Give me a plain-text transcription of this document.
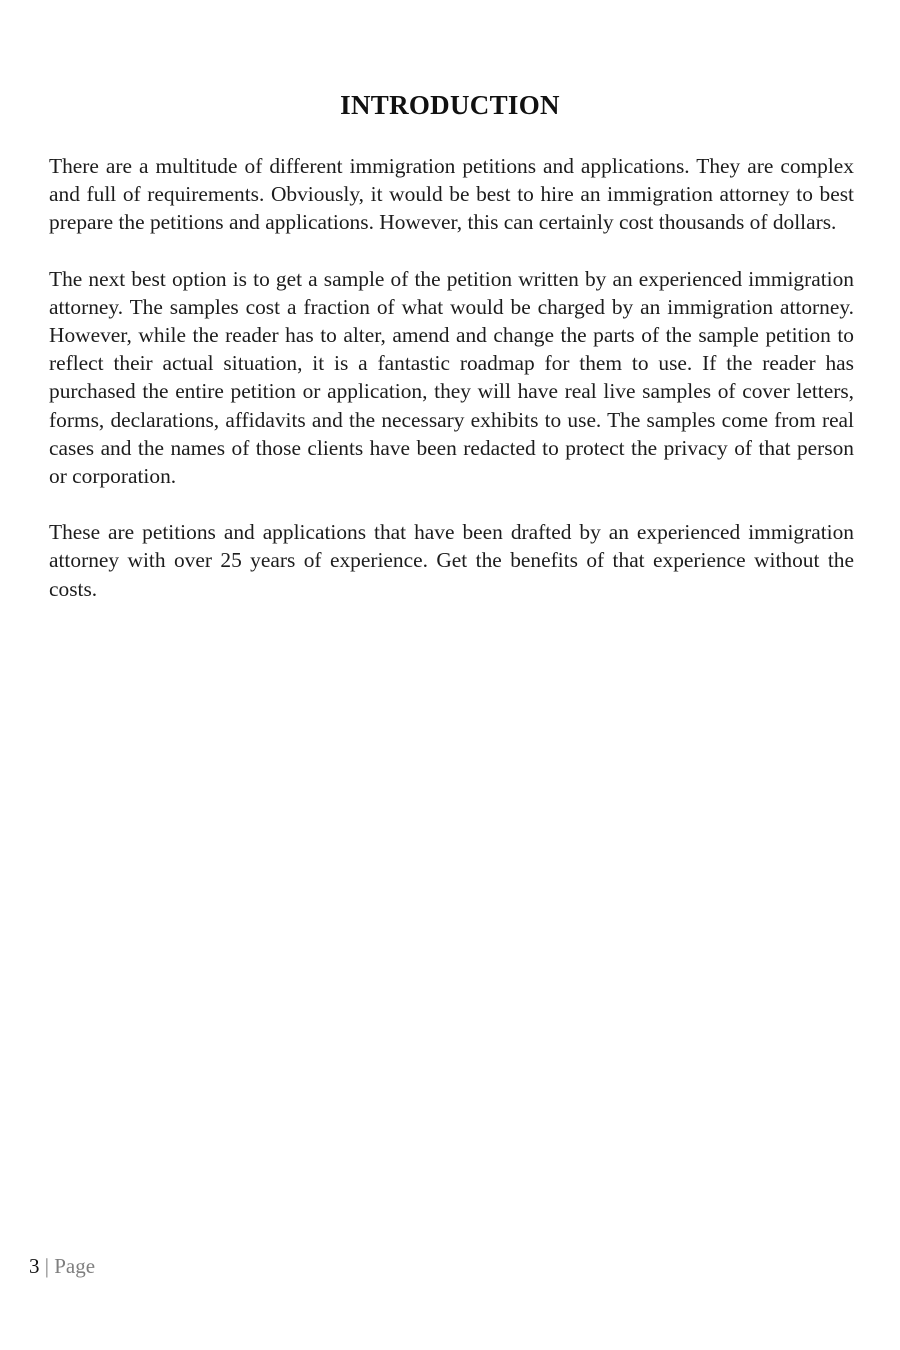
INTRODUCTION

There are a multitude of different immigration petitions and applications. They are complex and full of requirements. Obviously, it would be best to hire an immigration attorney to best prepare the petitions and applications. However, this can certainly cost thousands of dollars.

The next best option is to get a sample of the petition written by an experienced immigration attorney. The samples cost a fraction of what would be charged by an immigration attorney. However, while the reader has to alter, amend and change the parts of the sample petition to reflect their actual situation, it is a fantastic roadmap for them to use. If the reader has purchased the entire petition or application, they will have real live samples of cover letters, forms, declarations, affidavits and the necessary exhibits to use. The samples come from real cases and the names of those clients have been redacted to protect the privacy of that person or corporation.

These are petitions and applications that have been drafted by an experienced immigration attorney with over 25 years of experience. Get the benefits of that experience without the costs.

3 | Page
